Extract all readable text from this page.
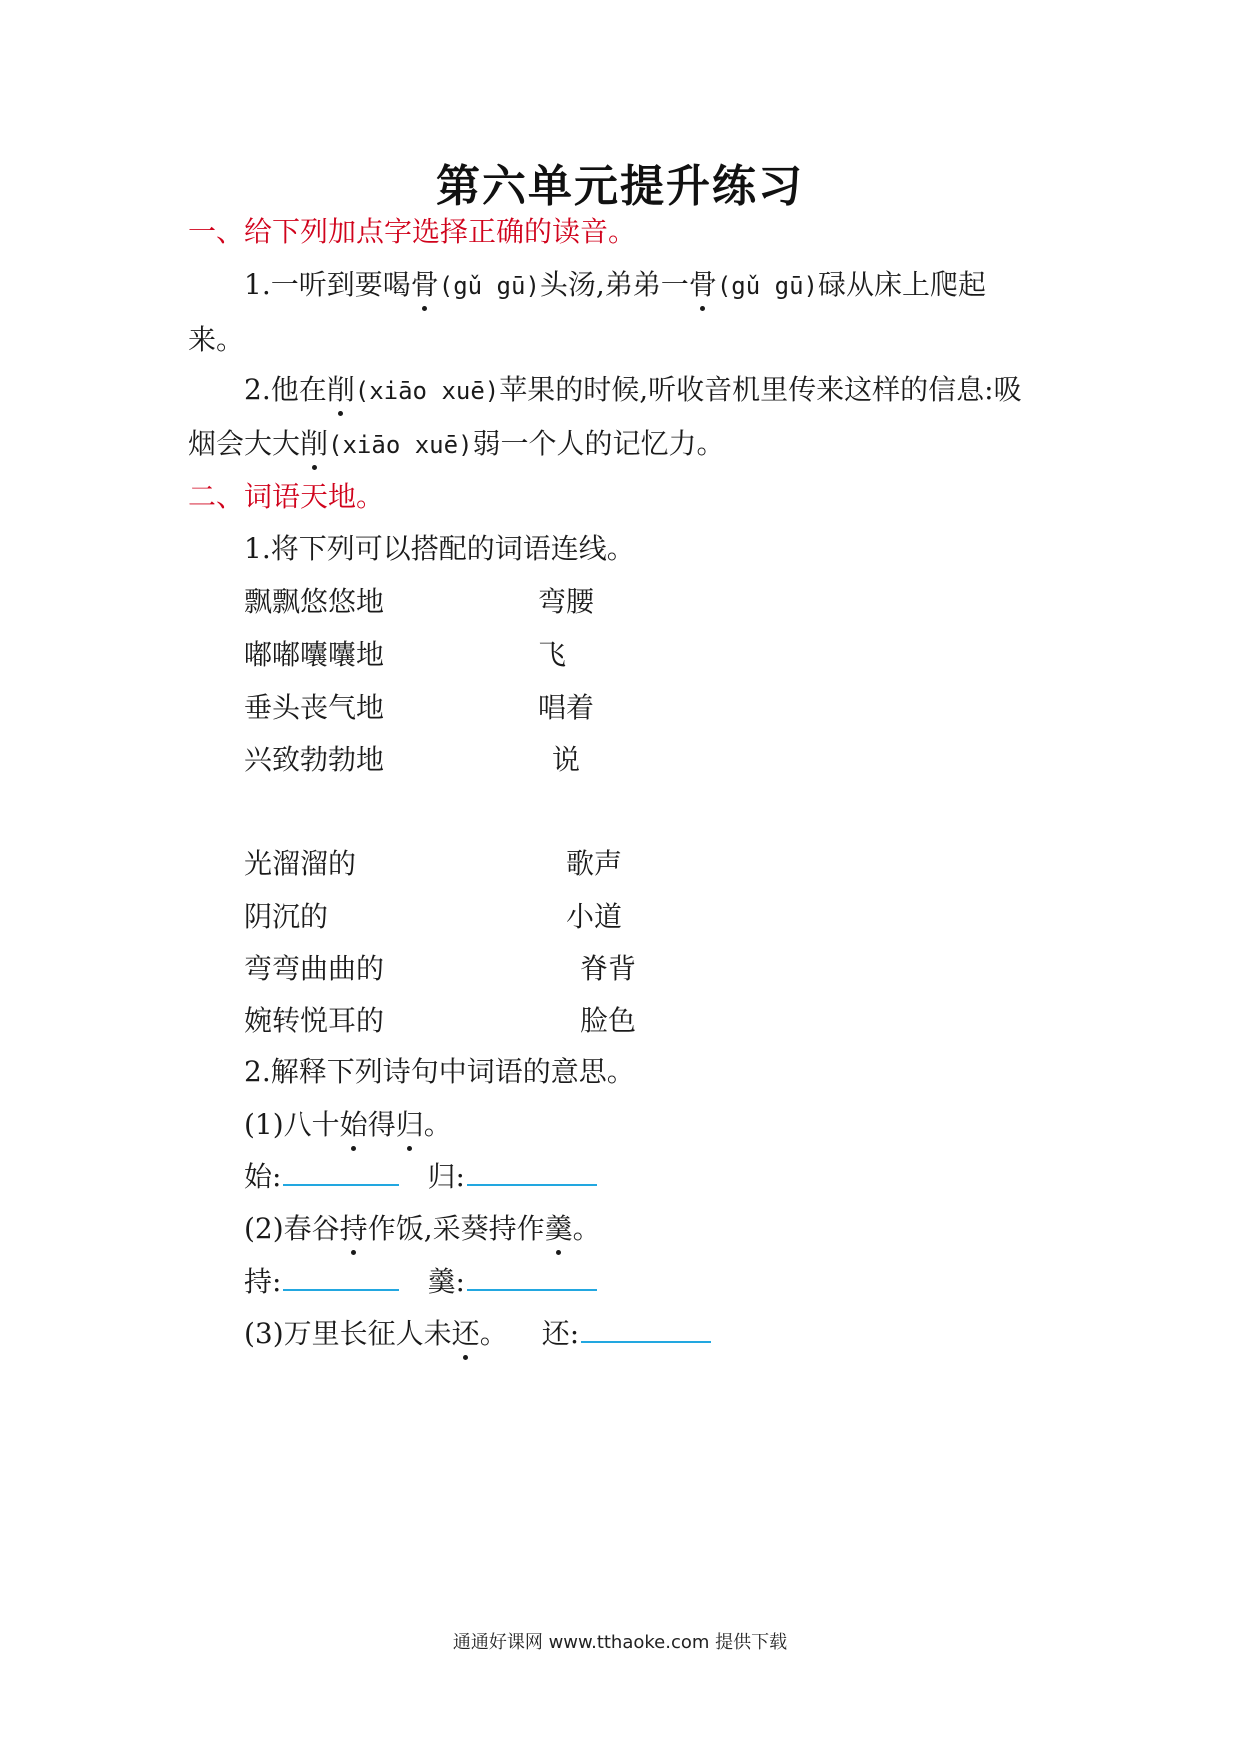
第六单元提升练习
一、给下列加点字选择正确的读音。
1.一听到要喝骨(gǔ gū)头汤,弟弟一骨(gǔ gū)碌从床上爬起
来。
2.他在削(xiāo xuē)苹果的时候,听收音机里传来这样的信息:吸
烟会大大削(xiāo xuē)弱一个人的记忆力。
二、词语天地。
1.将下列可以搭配的词语连线。
飘飘悠悠地
嘟嘟囔囔地
垂头丧气地
兴致勃勃地
弯腰
飞
唱着
说
光溜溜的
阴沉的
弯弯曲曲的
婉转悦耳的
歌声
小道
脊背
脸色
2.解释下列诗句中词语的意思。
(1)八十始得归。
始:	归:
(2)春谷持作饭,采葵持作羹。
持:	羹:
(3)万里长征人未还。 还:
通通好课网 www.tthaoke.com 提供下载
